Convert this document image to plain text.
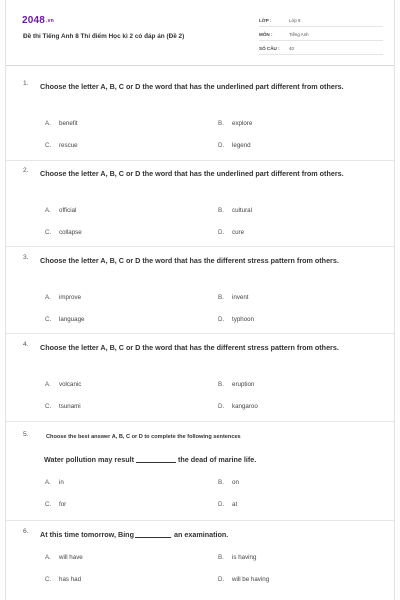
2048.vn
Đề thi Tiếng Anh 8 Thí điểm Học kì 2 có đáp án (Đề 2)
LỚP :	Lớp 8
MÔN :	Tiếng Anh
SỐ CÂU : 40
1. Choose the letter A, B, C or D the word that has the underlined part different from others.
A.	benefit	B.	explore
C.	rescue	D.	legend
2. Choose the letter A, B, C or D the word that has the underlined part different from others.
A.	official	B.	cultural
C.	collapse	D.	cure
3. Choose the letter A, B, C or D the word that has the different stress pattern from others.
A.	improve	B.	invent
C.	language	D.	typhoon
4. Choose the letter A, B, C or D the word that has the different stress pattern from others.
A.	volcanic	B.	eruption
C.	tsunami	D.	kangaroo
5.	Choose the best answer A, B, C or D to complete the following sentences
Water pollution may result	the dead of marine life.
A.	in	B.	on
C.	for	D.	at
6. At this time tomorrow, Bing	an examination.
A.	will have	B.	is having
C.	has had	D.	will be having
